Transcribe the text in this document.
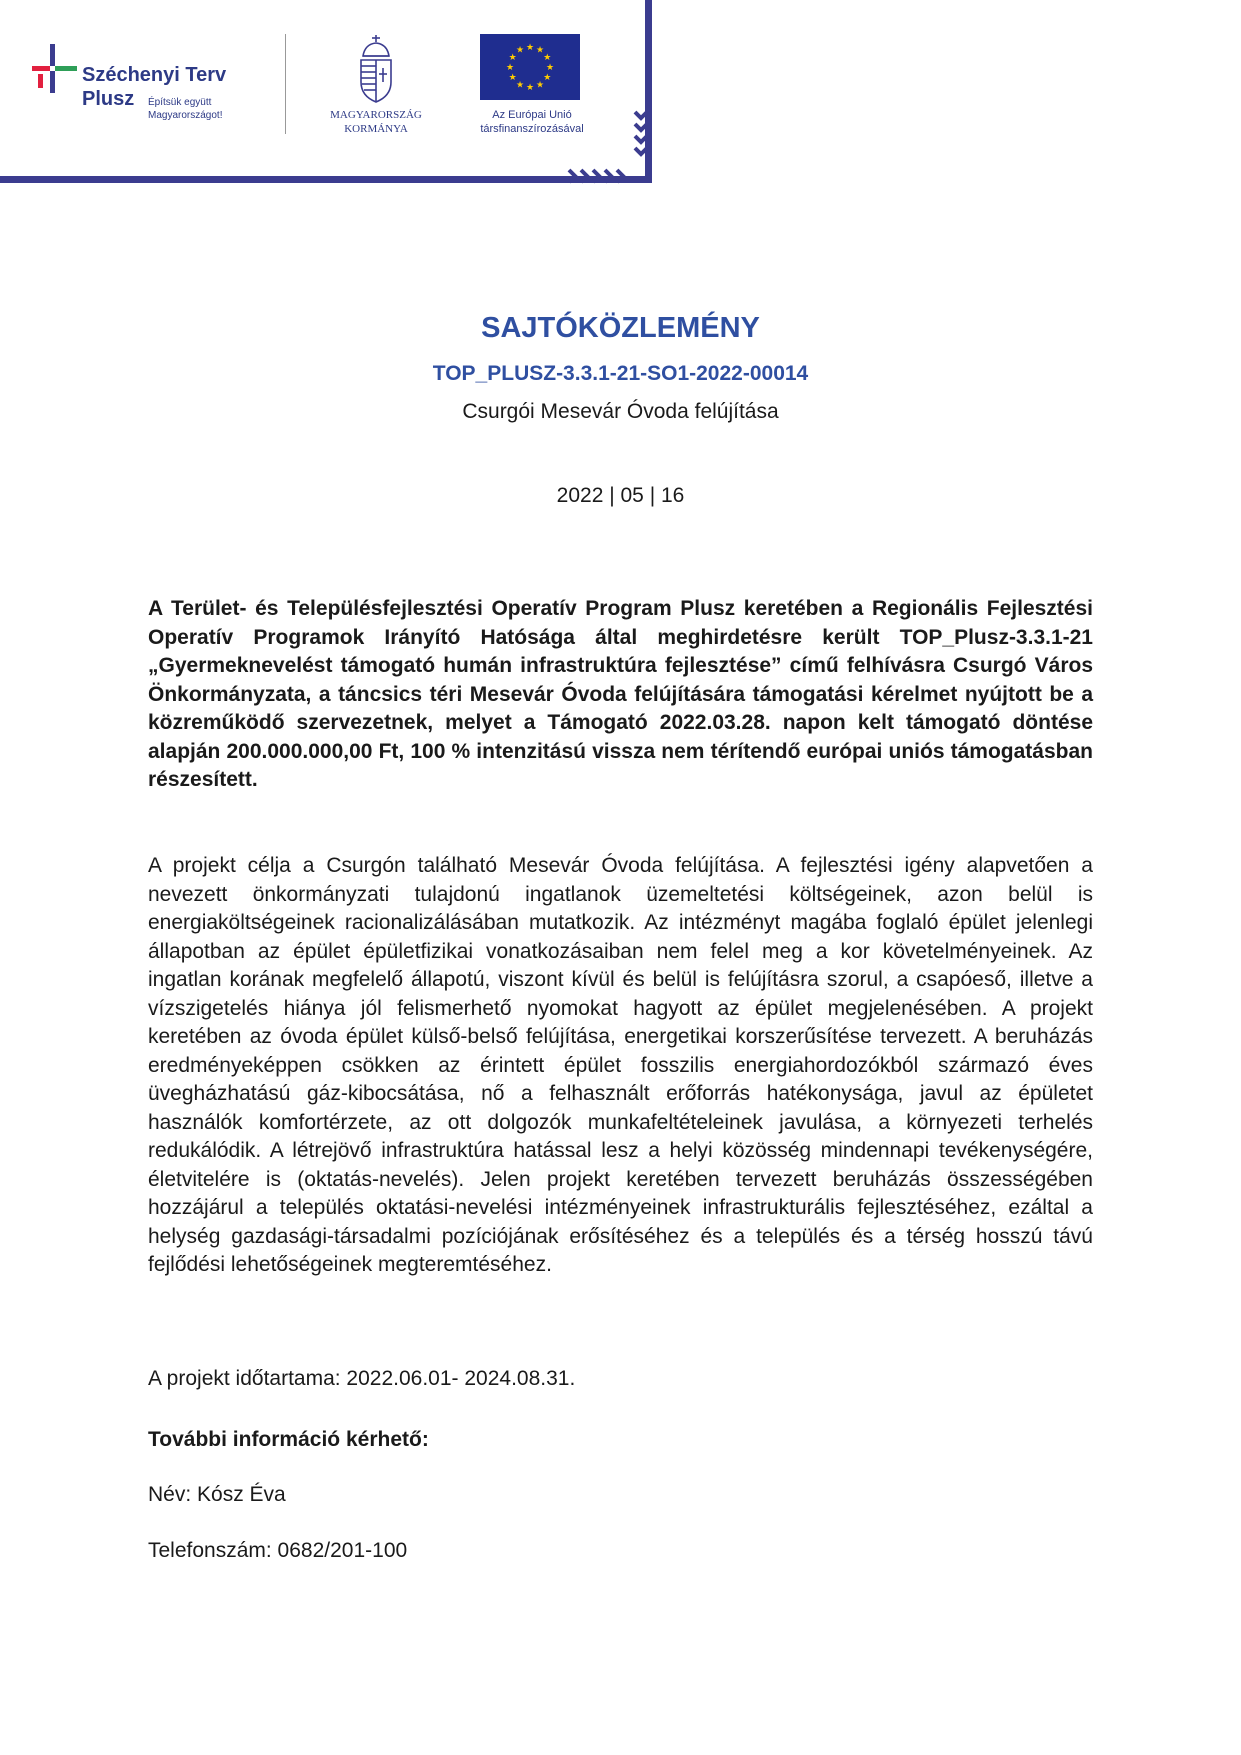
Széchenyi Terv
Plusz Építsük együtt Magyarországot!	MAGYARORSZÁG
KORMÁNYA
★ ★
★
★
★
★
★
★
★
★
★
★
Az Európai Unió
társfinanszírozásával
SAJTÓKÖZLEMÉNY
TOP_PLUSZ-3.3.1-21-SO1-2022-00014
Csurgói Mesevár Óvoda felújítása
2022 | 05 | 16
A Terület- és Településfejlesztési Operatív Program Plusz keretében a Regionális Fejlesztési Operatív Programok Irányító Hatósága által meghirdetésre került TOP_Plusz-3.3.1-21 „Gyermeknevelést támogató humán infrastruktúra fejlesztése” című felhívásra Csurgó Város Önkormányzata, a táncsics téri Mesevár Óvoda felújítására támogatási kérelmet nyújtott be a közreműködő szervezetnek, melyet a Támogató 2022.03.28. napon kelt támogató döntése alapján 200.000.000,00 Ft, 100 % intenzitású vissza nem térítendő európai uniós támogatásban részesített.
A projekt célja a Csurgón található Mesevár Óvoda felújítása. A fejlesztési igény alapvetően a nevezett önkormányzati tulajdonú ingatlanok üzemeltetési költségeinek, azon belül is energiaköltségeinek racionalizálásában mutatkozik. Az intézményt magába foglaló épület jelenlegi állapotban az épület épületfizikai vonatkozásaiban nem felel meg a kor követelményeinek. Az ingatlan korának megfelelő állapotú, viszont kívül és belül is felújításra szorul, a csapóeső, illetve a vízszigetelés hiánya jól felismerhető nyomokat hagyott az épület megjelenésében. A projekt keretében az óvoda épület külső-belső felújítása, energetikai korszerűsítése tervezett. A beruházás eredményeképpen csökken az érintett épület fosszilis energiahordozókból származó éves üvegházhatású gáz-kibocsátása, nő a felhasznált erőforrás hatékonysága, javul az épületet használók komfortérzete, az ott dolgozók munkafeltételeinek javulása, a környezeti terhelés redukálódik. A létrejövő infrastruktúra hatással lesz a helyi közösség mindennapi tevékenységére, életvitelére is (oktatás-nevelés). Jelen projekt keretében tervezett beruházás összességében hozzájárul a település oktatási-nevelési intézményeinek infrastrukturális fejlesztéséhez, ezáltal a helység gazdasági-társadalmi pozíciójának erősítéséhez és a település és a térség hosszú távú fejlődési lehetőségeinek megteremtéséhez.
A projekt időtartama: 2022.06.01- 2024.08.31.
További információ kérhető:
Név: Kósz Éva
Telefonszám: 0682/201-100
